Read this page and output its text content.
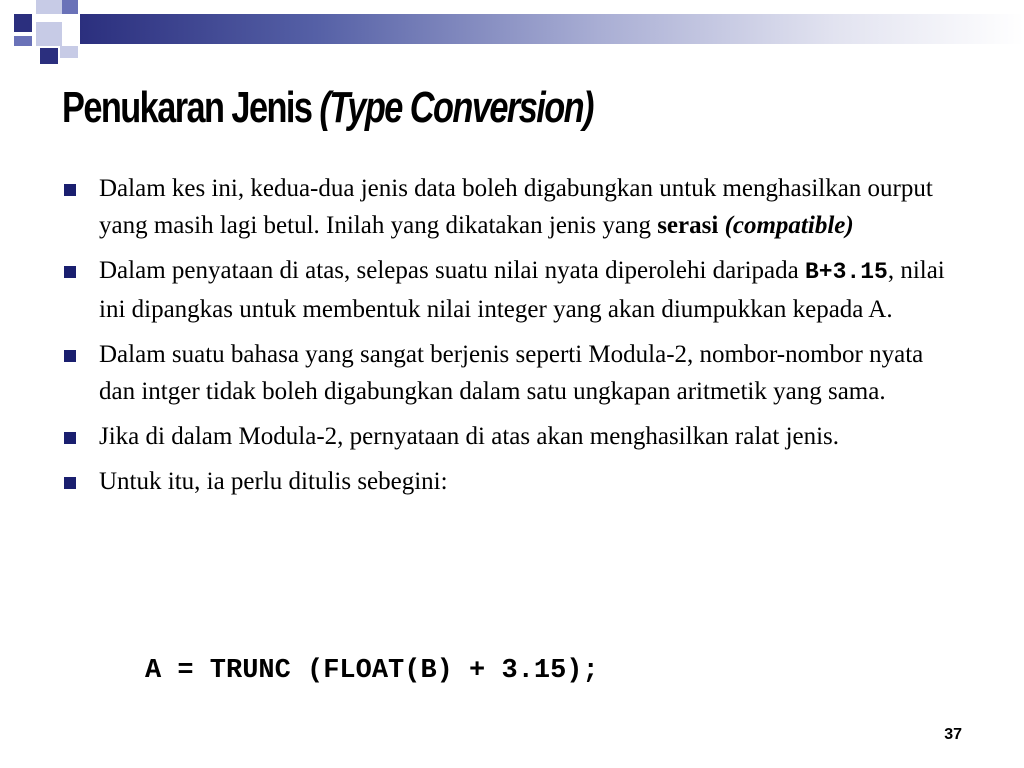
Penukaran Jenis (Type Conversion)
Dalam kes ini, kedua-dua jenis data boleh digabungkan untuk menghasilkan ourput yang masih lagi betul. Inilah yang dikatakan jenis yang serasi (compatible)
Dalam penyataan di atas, selepas suatu nilai nyata diperolehi daripada B+3.15, nilai ini dipangkas untuk membentuk nilai integer yang akan diumpukkan kepada A.
Dalam suatu bahasa yang sangat berjenis seperti Modula-2, nombor-nombor nyata dan intger tidak boleh digabungkan dalam satu ungkapan aritmetik yang sama.
Jika di dalam Modula-2, pernyataan di atas akan menghasilkan ralat jenis.
Untuk itu, ia perlu ditulis sebegini:
A = TRUNC (FLOAT(B) + 3.15);
37
